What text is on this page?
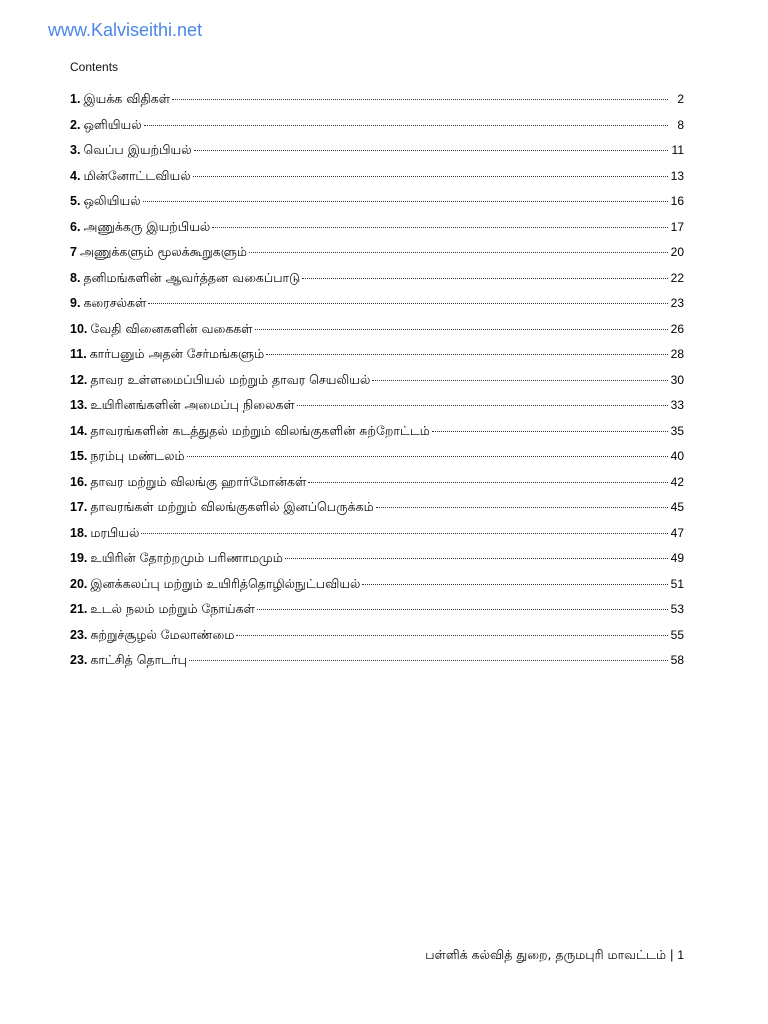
www.Kalviseithi.net
Contents
1. இயக்க விதிகள்	2
2. ஒளியியல்	8
3. வெப்ப இயற்பியல்	11
4. மின்னோட்டவியல்	13
5. ஒலியியல்	16
6. அணுக்கரு இயற்பியல்	17
7 அணுக்களும் மூலக்கூறுகளும்	20
8. தனிமங்களின் ஆவர்த்தன வகைப்பாடு	22
9. கரைசல்கள்	23
10. வேதி வினைகளின் வகைகள்	26
11. கார்பனும் அதன் சேர்மங்களும்	28
12. தாவர உள்ளமைப்பியல் மற்றும் தாவர செயலியல்	30
13. உயிரினங்களின் அமைப்பு நிலைகள்	33
14. தாவரங்களின் கடத்துதல் மற்றும் விலங்குகளின் சுற்றோட்டம்	35
15. நரம்பு மண்டலம்	40
16. தாவர மற்றும் விலங்கு ஹார்மோன்கள்	42
17. தாவரங்கள் மற்றும் விலங்குகளில் இனப்பெருக்கம்	45
18. மரபியல்	47
19. உயிரின் தோற்றமும் பரிணாமமும்	49
20. இனக்கலப்பு மற்றும் உயிரித்தொழில்நுட்பவியல்	51
21. உடல் நலம் மற்றும் நோய்கள்	53
23. சுற்றுச்சூழல் மேலாண்மை	55
23. காட்சித் தொடர்பு	58
பள்ளிக் கல்வித் துறை, தருமபுரி மாவட்டம் | 1
